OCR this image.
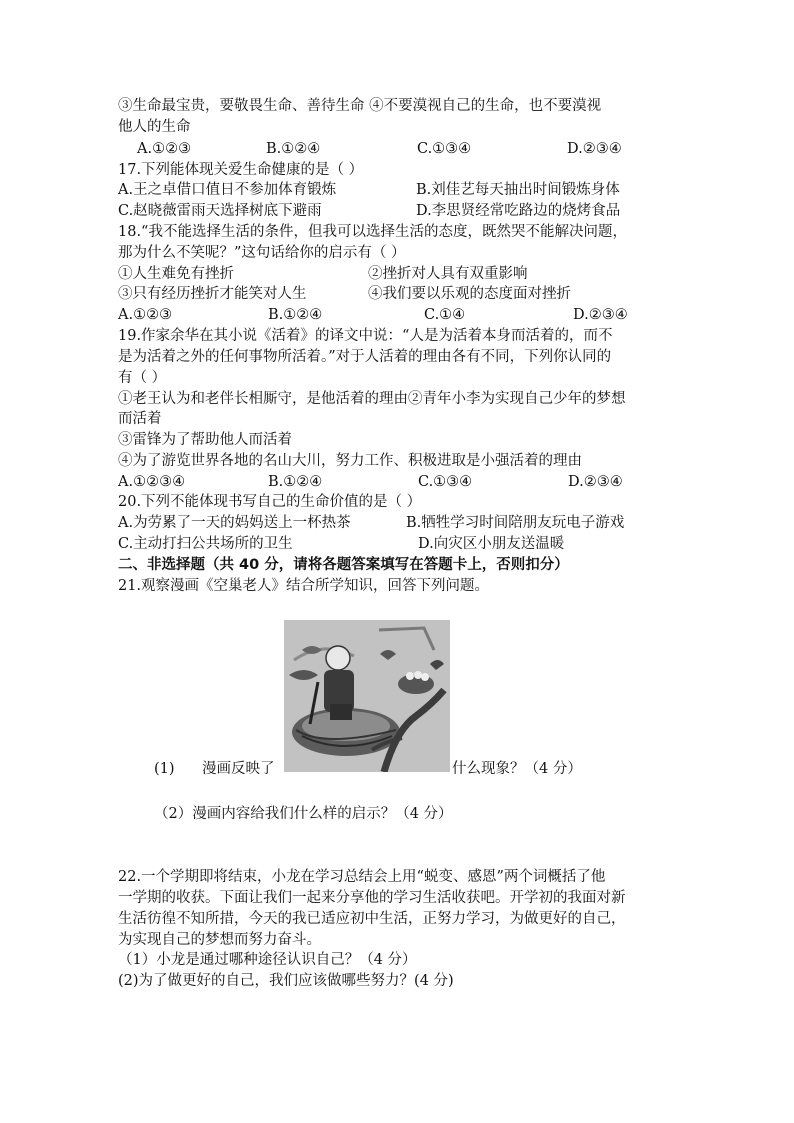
③生命最宝贵，要敬畏生命、善待生命 ④不要漠视自己的生命，也不要漠视
他人的生命
A.①②③	B.①②④	C.①③④	D.②③④
17.下列能体现关爱生命健康的是（ ）
A.王之卓借口值日不参加体育锻炼	B.刘佳艺每天抽出时间锻炼身体
C.赵晓薇雷雨天选择树底下避雨	D.李思贤经常吃路边的烧烤食品
18.“我不能选择生活的条件，但我可以选择生活的态度，既然哭不能解决问题，
那为什么不笑呢？”这句话给你的启示有（ ）
①人生难免有挫折	②挫折对人具有双重影响
③只有经历挫折才能笑对人生	④我们要以乐观的态度面对挫折
A.①②③	B.①②④	C.①④	D.②③④
19.作家余华在其小说《活着》的译文中说：“人是为活着本身而活着的，而不
是为活着之外的任何事物所活着。”对于人活着的理由各有不同，下列你认同的
有（ ）
①老王认为和老伴长相厮守，是他活着的理由②青年小李为实现自己少年的梦想
而活着
③雷锋为了帮助他人而活着
④为了游览世界各地的名山大川，努力工作、积极进取是小强活着的理由
A.①②③④	B.①②④	C.①③④	D.②③④
20.下列不能体现书写自己的生命价值的是（ ）
A.为劳累了一天的妈妈送上一杯热茶	B.牺牲学习时间陪朋友玩电子游戏
C.主动打扫公共场所的卫生	D.向灾区小朋友送温暖
二、非选择题（共 40 分，请将各题答案填写在答题卡上，否则扣分）
21.观察漫画《空巢老人》结合所学知识，回答下列问题。
(1) 漫画反映了	什么现象？（4 分）
（2）漫画内容给我们什么样的启示？（4 分）
22.一个学期即将结束，小龙在学习总结会上用“蜕变、感恩”两个词概括了他
一学期的收获。下面让我们一起来分享他的学习生活收获吧。开学初的我面对新
生活彷徨不知所措，今天的我已适应初中生活，正努力学习，为做更好的自己，
为实现自己的梦想而努力奋斗。
（1）小龙是通过哪种途径认识自己？（4 分）
(2)为了做更好的自己，我们应该做哪些努力？(4 分)
